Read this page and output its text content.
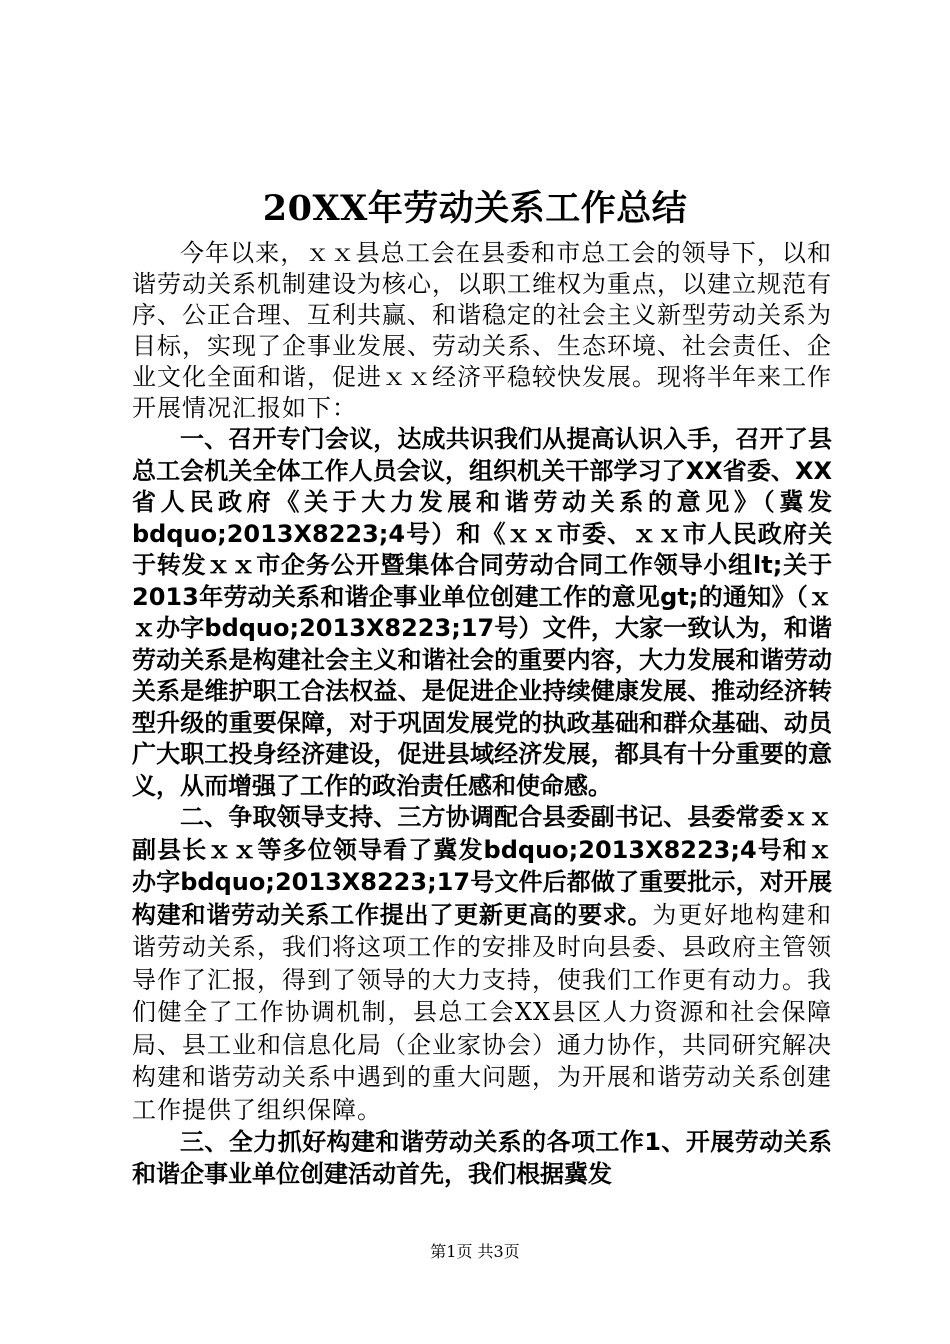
20XX年劳动关系工作总结

今年以来，ｘｘ县总工会在县委和市总工会的领导下，以和谐劳动关系机制建设为核心，以职工维权为重点，以建立规范有序、公正合理、互利共赢、和谐稳定的社会主义新型劳动关系为目标，实现了企事业发展、劳动关系、生态环境、社会责任、企业文化全面和谐，促进ｘｘ经济平稳较快发展。现将半年来工作开展情况汇报如下：

一、召开专门会议，达成共识我们从提高认识入手，召开了县总工会机关全体工作人员会议，组织机关干部学习了XX省委、XX省人民政府《关于大力发展和谐劳动关系的意见》（冀发bdquo;2013X8223;4号）和《ｘｘ市委、ｘｘ市人民政府关于转发ｘｘ市企务公开暨集体合同劳动合同工作领导小组lt;关于2013年劳动关系和谐企事业单位创建工作的意见gt;的通知》（ｘｘ办字bdquo;2013X8223;17号）文件，大家一致认为，和谐劳动关系是构建社会主义和谐社会的重要内容，大力发展和谐劳动关系是维护职工合法权益、是促进企业持续健康发展、推动经济转型升级的重要保障，对于巩固发展党的执政基础和群众基础、动员广大职工投身经济建设，促进县域经济发展，都具有十分重要的意义，从而增强了工作的政治责任感和使命感。

二、争取领导支持、三方协调配合县委副书记、县委常委ｘｘ副县长ｘｘ等多位领导看了冀发bdquo;2013X8223;4号和ｘ办字bdquo;2013X8223;17号文件后都做了重要批示，对开展构建和谐劳动关系工作提出了更新更高的要求。为更好地构建和谐劳动关系，我们将这项工作的安排及时向县委、县政府主管领导作了汇报，得到了领导的大力支持，使我们工作更有动力。我们健全了工作协调机制，县总工会XX县区人力资源和社会保障局、县工业和信息化局（企业家协会）通力协作，共同研究解决构建和谐劳动关系中遇到的重大问题，为开展和谐劳动关系创建工作提供了组织保障。

三、全力抓好构建和谐劳动关系的各项工作1、开展劳动关系和谐企事业单位创建活动首先，我们根据冀发

第1页 共3页
